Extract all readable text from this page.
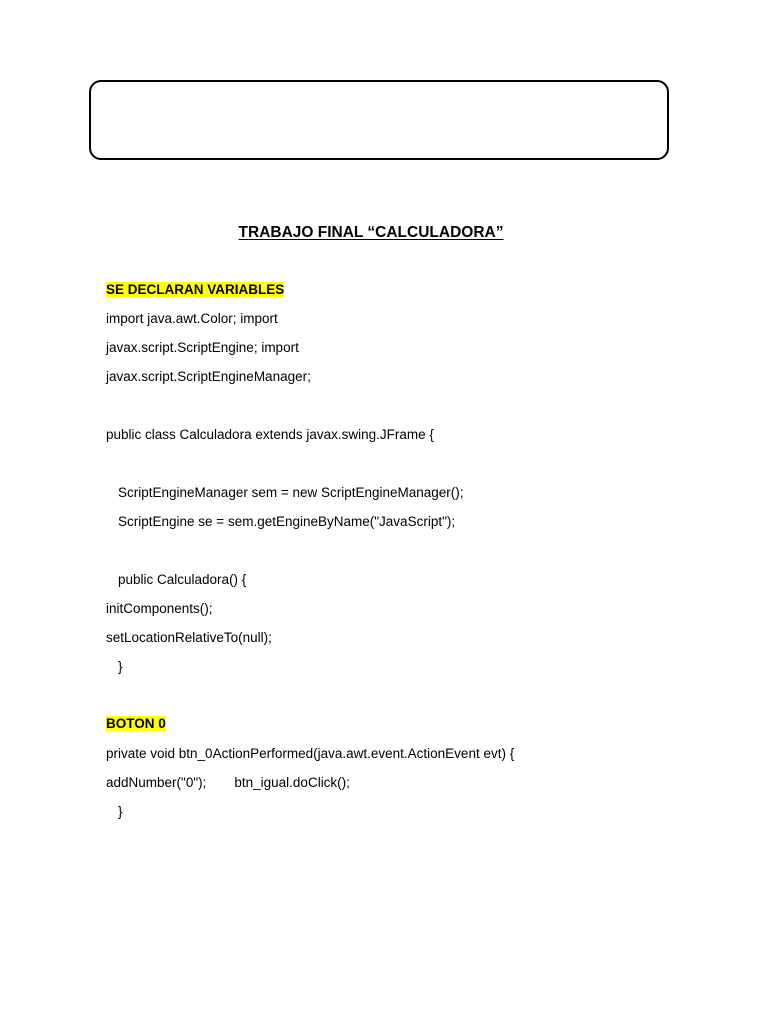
TRABAJO FINAL “CALCULADORA”

SE DECLARAN VARIABLES

import java.awt.Color; import

javax.script.ScriptEngine; import

javax.script.ScriptEngineManager;

public class Calculadora extends javax.swing.JFrame {

ScriptEngineManager sem = new ScriptEngineManager();

ScriptEngine se = sem.getEngineByName("JavaScript");

public Calculadora() {

initComponents();

setLocationRelativeTo(null);

}

BOTON 0

private void btn_0ActionPerformed(java.awt.event.ActionEvent evt) {

addNumber("0"); btn_igual.doClick();

}
